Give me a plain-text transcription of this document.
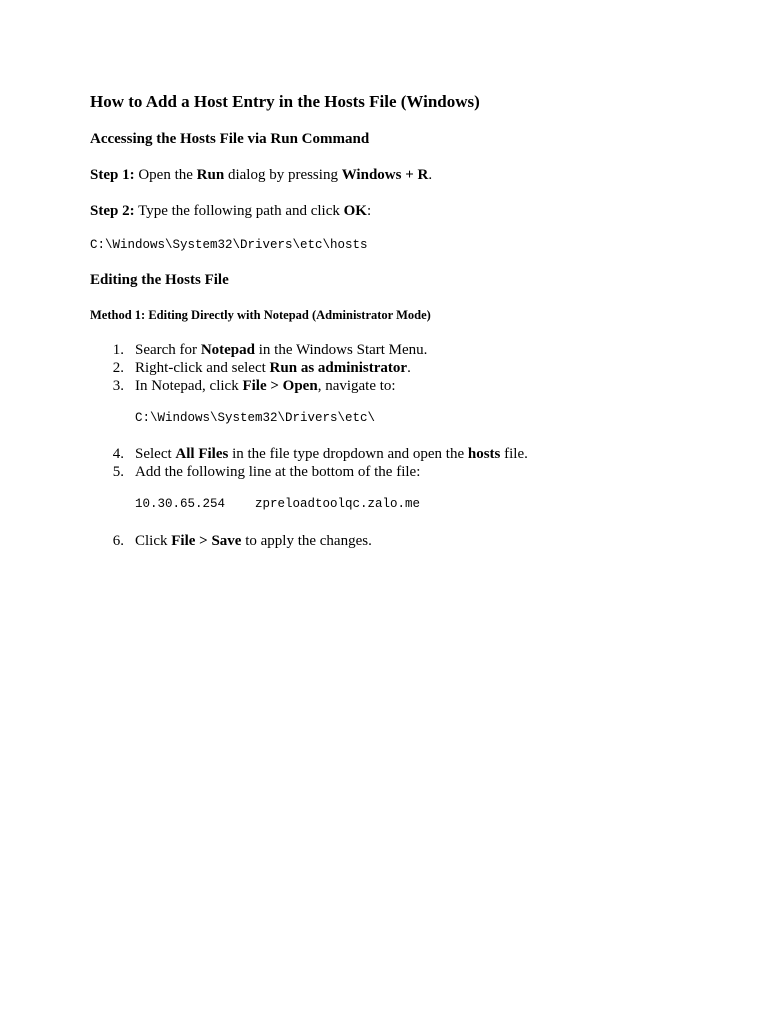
How to Add a Host Entry in the Hosts File (Windows)
Accessing the Hosts File via Run Command

Step 1: Open the Run dialog by pressing Windows + R.

Step 2: Type the following path and click OK:

C:\Windows\System32\Drivers\etc\hosts
Editing the Hosts File
Method 1: Editing Directly with Notepad (Administrator Mode)
1. Search for Notepad in the Windows Start Menu.
2. Right-click and select Run as administrator.
3. In Notepad, click File > Open, navigate to:
C:\Windows\System32\Drivers\etc\
4. Select All Files in the file type dropdown and open the hosts file.
5. Add the following line at the bottom of the file:
10.30.65.254    zpreloadtoolqc.zalo.me
6. Click File > Save to apply the changes.
